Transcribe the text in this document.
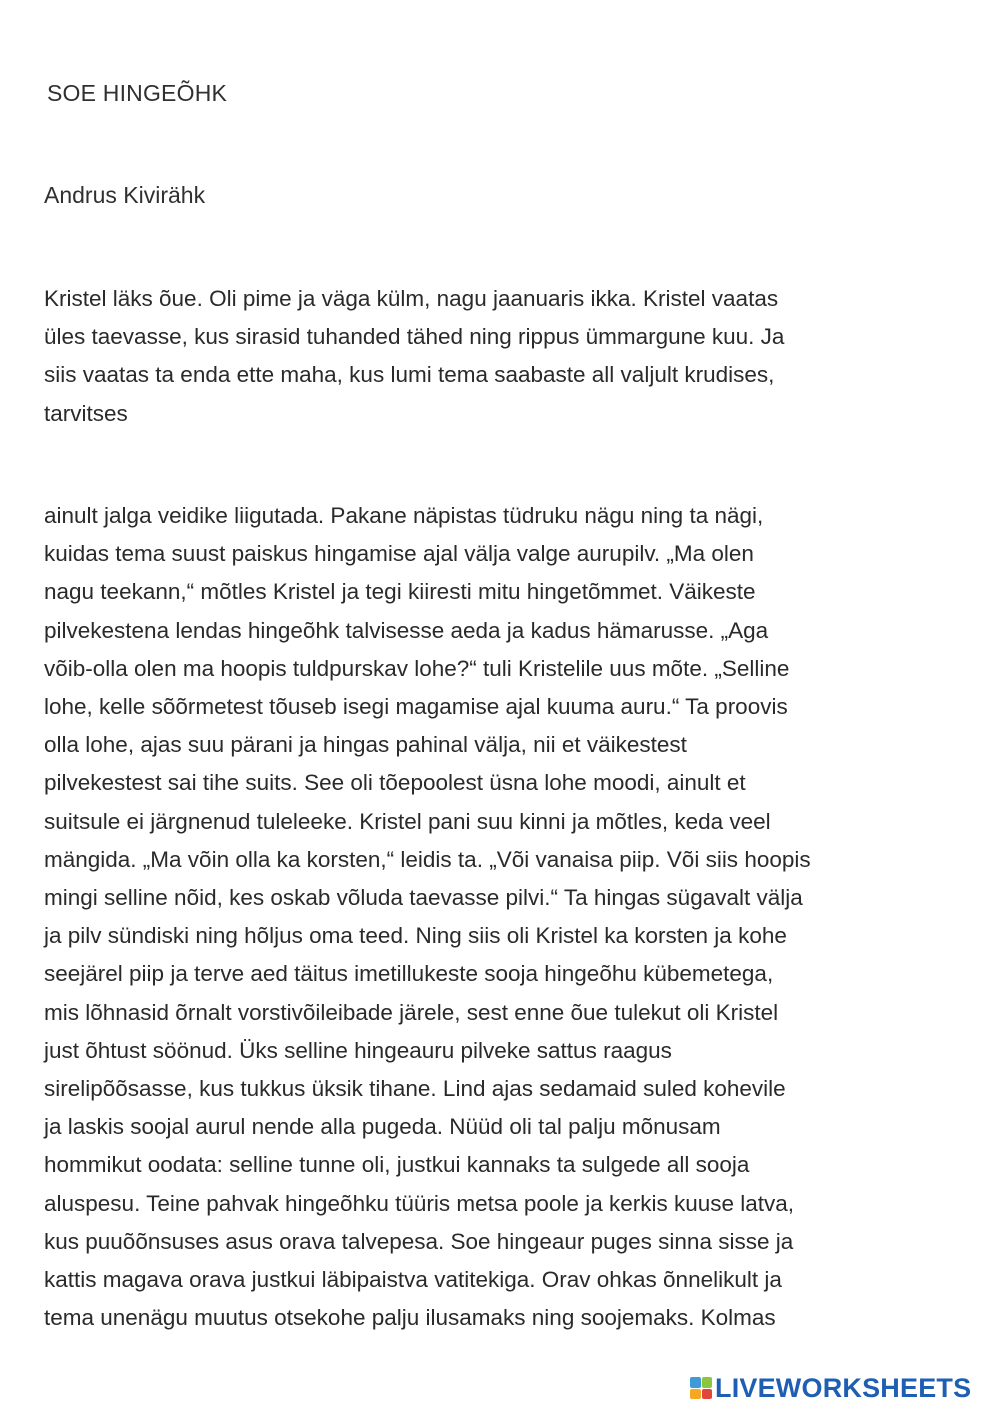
SOE HINGEÕHK
Andrus Kivirähk
Kristel läks õue. Oli pime ja väga külm, nagu jaanuaris ikka. Kristel vaatas
üles taevasse, kus sirasid tuhanded tähed ning rippus ümmargune kuu. Ja
siis vaatas ta enda ette maha, kus lumi tema saabaste all valjult krudises,
tarvitses
ainult jalga veidike liigutada. Pakane näpistas tüdruku nägu ning ta nägi,
kuidas tema suust paiskus hingamise ajal välja valge aurupilv. „Ma olen
nagu teekann,“ mõtles Kristel ja tegi kiiresti mitu hingetõmmet. Väikeste
pilvekestena lendas hingeõhk talvisesse aeda ja kadus hämarusse. „Aga
võib-olla olen ma hoopis tuldpurskav lohe?“ tuli Kristelile uus mõte. „Selline
lohe, kelle sõõrmetest tõuseb isegi magamise ajal kuuma auru.“ Ta proovis
olla lohe, ajas suu pärani ja hingas pahinal välja, nii et väikestest
pilvekestest sai tihe suits. See oli tõepoolest üsna lohe moodi, ainult et
suitsule ei järgnenud tuleleeke. Kristel pani suu kinni ja mõtles, keda veel
mängida. „Ma võin olla ka korsten,“ leidis ta. „Või vanaisa piip. Või siis hoopis
mingi selline nõid, kes oskab võluda taevasse pilvi.“ Ta hingas sügavalt välja
ja pilv sündiski ning hõljus oma teed. Ning siis oli Kristel ka korsten ja kohe
seejärel piip ja terve aed täitus imetillukeste sooja hingeõhu kübemetega,
mis lõhnasid õrnalt vorstivõileibade järele, sest enne õue tulekut oli Kristel
just õhtust söönud. Üks selline hingeauru pilveke sattus raagus
sirelipõõsasse, kus tukkus üksik tihane. Lind ajas sedamaid suled kohevile
ja laskis soojal aurul nende alla pugeda. Nüüd oli tal palju mõnusam
hommikut oodata: selline tunne oli, justkui kannaks ta sulgede all sooja
aluspesu. Teine pahvak hingeõhku tüüris metsa poole ja kerkis kuuse latva,
kus puuõõnsuses asus orava talvepesa. Soe hingeaur puges sinna sisse ja
kattis magava orava justkui läbipaistva vatitekiga. Orav ohkas õnnelikult ja
tema unenägu muutus otsekohe palju ilusamaks ning soojemaks. Kolmas
LIVEWORKSHEETS
